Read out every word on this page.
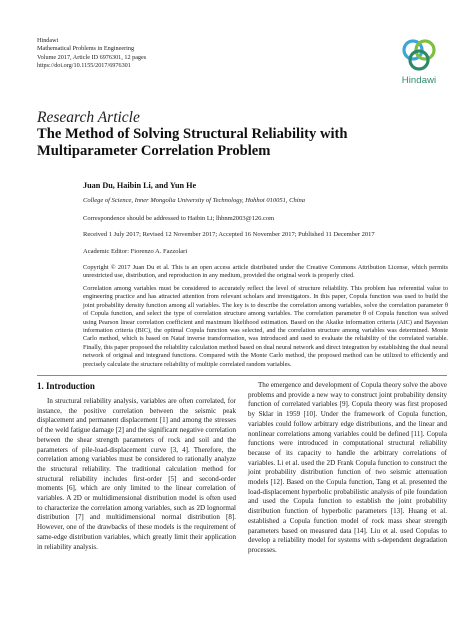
Hindawi
Mathematical Problems in Engineering
Volume 2017, Article ID 6976301, 12 pages
https://doi.org/10.1155/2017/6976301
Hindawi
Research Article
The Method of Solving Structural Reliability with Multiparameter Correlation Problem
Juan Du, Haibin Li, and Yun He
College of Science, Inner Mongolia University of Technology, Hohhot 010051, China
Correspondence should be addressed to Haibin Li; lhbnm2003@126.com
Received 1 July 2017; Revised 12 November 2017; Accepted 16 November 2017; Published 11 December 2017
Academic Editor: Fiorenzo A. Fazzolari
Copyright © 2017 Juan Du et al. This is an open access article distributed under the Creative Commons Attribution License, which permits unrestricted use, distribution, and reproduction in any medium, provided the original work is properly cited.
Correlation among variables must be considered to accurately reflect the level of structure reliability. This problem has referential value to engineering practice and has attracted attention from relevant scholars and investigators. In this paper, Copula function was used to build the joint probability density function among all variables. The key is to describe the correlation among variables, solve the correlation parameter θ of Copula function, and select the type of correlation structure among variables. The correlation parameter θ of Copula function was solved using Pearson linear correlation coefficient and maximum likelihood estimation. Based on the Akaike information criteria (AIC) and Bayesian information criteria (BIC), the optimal Copula function was selected, and the correlation structure among variables was determined. Monte Carlo method, which is based on Nataf inverse transformation, was introduced and used to evaluate the reliability of the correlated variable. Finally, this paper proposed the reliability calculation method based on dual neural network and direct integration by establishing the dual neural network of original and integrand functions. Compared with the Monte Carlo method, the proposed method can be utilized to efficiently and precisely calculate the structure reliability of multiple correlated random variables.
1. Introduction

In structural reliability analysis, variables are often correlated, for instance, the positive correlation between the seismic peak displacement and permanent displacement [1] and among the stresses of the weld fatigue damage [2] and the significant negative correlation between the shear strength parameters of rock and soil and the parameters of pile-load-displacement curve [3, 4]. Therefore, the correlation among variables must be considered to rationally analyze the structural reliability. The traditional calculation method for structural reliability includes first-order [5] and second-order moments [6], which are only limited to the linear correlation of variables. A 2D or multidimensional distribution model is often used to characterize the correlation among variables, such as 2D lognormal distribution [7] and multidimensional normal distribution [8]. However, one of the drawbacks of these models is the requirement of same-edge distribution variables, which greatly limit their application in reliability analysis.

The emergence and development of Copula theory solve the above problems and provide a new way to construct joint probability density function of correlated variables [9]. Copula theory was first proposed by Sklar in 1959 [10]. Under the framework of Copula function, variables could follow arbitrary edge distributions, and the linear and nonlinear correlations among variables could be defined [11]. Copula functions were introduced in computational structural reliability because of its capacity to handle the arbitrary correlations of variables. Li et al. used the 2D Frank Copula function to construct the joint probability distribution function of two seismic attenuation models [12]. Based on the Copula function, Tang et al. presented the load-displacement hyperbolic probabilistic analysis of pile foundation and used the Copula function to establish the joint probability distribution function of hyperbolic parameters [13]. Huang et al. established a Copula function model of rock mass shear strength parameters based on measured data [14]. Liu et al. used Copulas to develop a reliability model for systems with s-dependent degradation processes.
